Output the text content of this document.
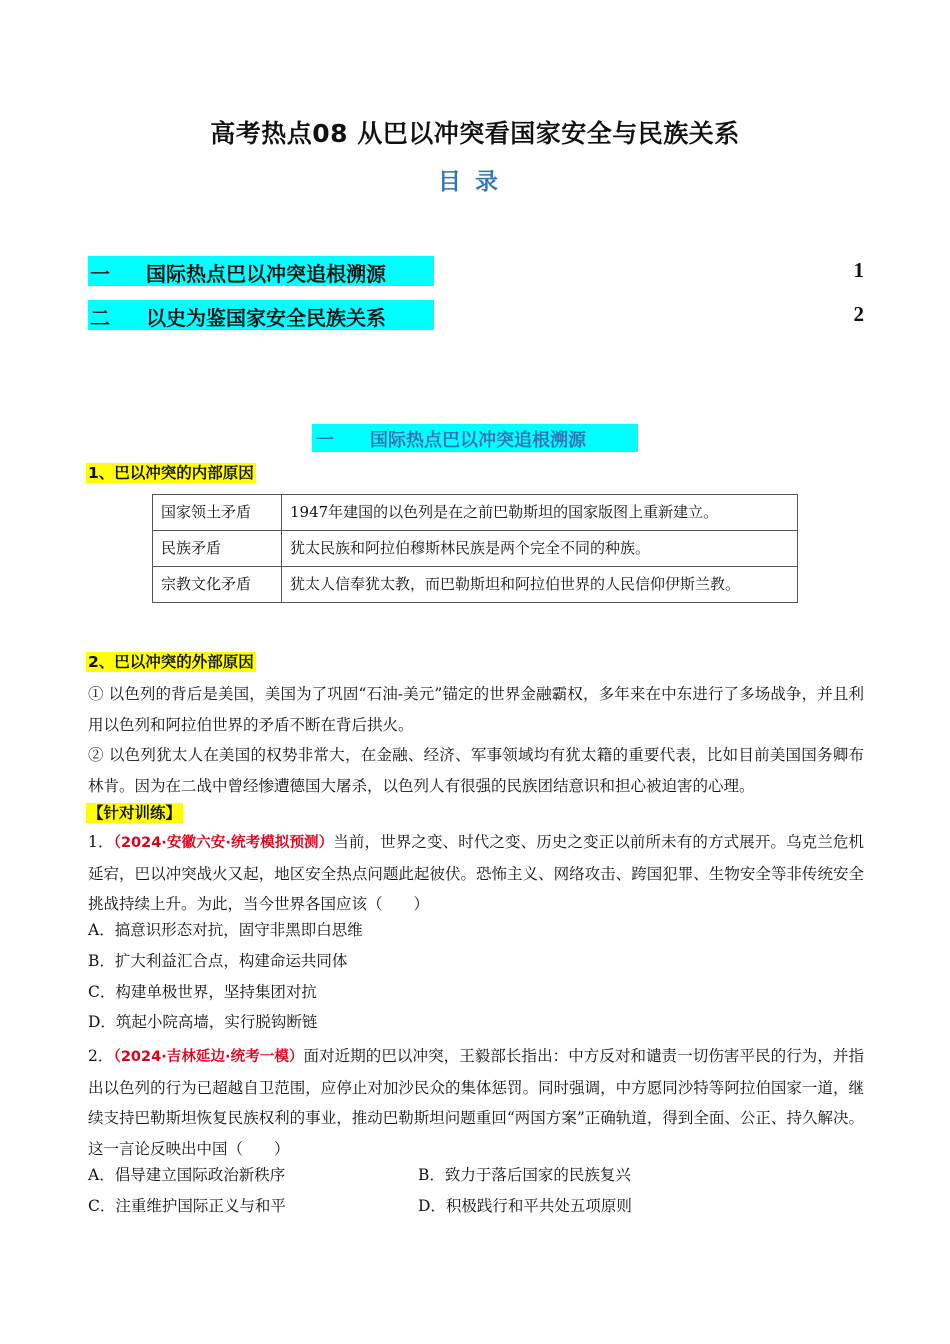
高考热点08 从巴以冲突看国家安全与民族关系
目录
一 国际热点巴以冲突追根溯源	1
二 以史为鉴国家安全民族关系	2
一 国际热点巴以冲突追根溯源
1、巴以冲突的内部原因
国家领土矛盾	1947年建国的以色列是在之前巴勒斯坦的国家版图上重新建立。
民族矛盾	犹太民族和阿拉伯穆斯林民族是两个完全不同的种族。
宗教文化矛盾	犹太人信奉犹太教，而巴勒斯坦和阿拉伯世界的人民信仰伊斯兰教。
2、巴以冲突的外部原因
① 以色列的背后是美国，美国为了巩固“石油-美元”锚定的世界金融霸权，多年来在中东进行了多场战争，并且利用以色列和阿拉伯世界的矛盾不断在背后拱火。
② 以色列犹太人在美国的权势非常大，在金融、经济、军事领域均有犹太籍的重要代表，比如目前美国国务卿布林肯。因为在二战中曾经惨遭德国大屠杀，以色列人有很强的民族团结意识和担心被迫害的心理。
【针对训练】
1．（2024·安徽六安·统考模拟预测）当前，世界之变、时代之变、历史之变正以前所未有的方式展开。乌克兰危机延宕，巴以冲突战火又起，地区安全热点问题此起彼伏。恐怖主义、网络攻击、跨国犯罪、生物安全等非传统安全挑战持续上升。为此，当今世界各国应该（　　）
A．搞意识形态对抗，固守非黑即白思维
B．扩大利益汇合点，构建命运共同体
C．构建单极世界，坚持集团对抗
D．筑起小院高墙，实行脱钩断链
2．（2024·吉林延边·统考一模）面对近期的巴以冲突，王毅部长指出：中方反对和谴责一切伤害平民的行为，并指出以色列的行为已超越自卫范围，应停止对加沙民众的集体惩罚。同时强调，中方愿同沙特等阿拉伯国家一道，继续支持巴勒斯坦恢复民族权利的事业，推动巴勒斯坦问题重回“两国方案”正确轨道，得到全面、公正、持久解决。这一言论反映出中国（　　）
A．倡导建立国际政治新秩序	B．致力于落后国家的民族复兴
C．注重维护国际正义与和平	D．积极践行和平共处五项原则
